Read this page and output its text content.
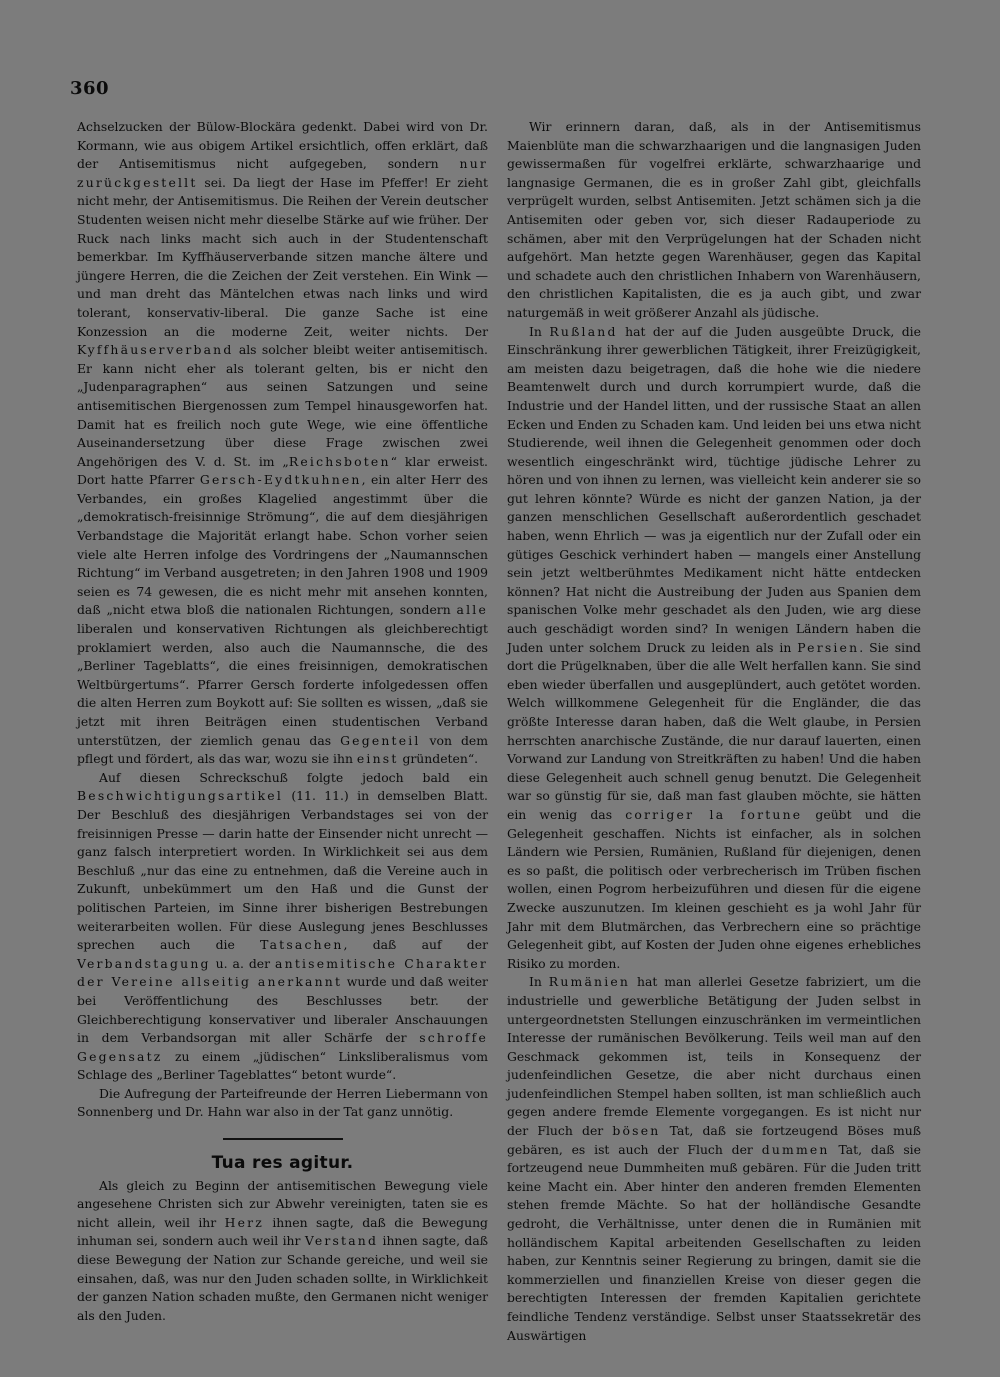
360

Achselzucken der Bülow-Blockära gedenkt. Dabei wird von Dr. Kormann, wie aus obigem Artikel ersichtlich, offen erklärt, daß der Antisemitismus nicht aufgegeben, sondern nur zurückgestellt sei. Da liegt der Hase im Pfeffer! Er zieht nicht mehr, der Antisemitismus. Die Reihen der Verein deutscher Studenten weisen nicht mehr dieselbe Stärke auf wie früher. Der Ruck nach links macht sich auch in der Studentenschaft bemerkbar. Im Kyffhäuserverbande sitzen manche ältere und jüngere Herren, die die Zeichen der Zeit verstehen. Ein Wink — und man dreht das Mäntelchen etwas nach links und wird tolerant, konservativ-liberal. Die ganze Sache ist eine Konzession an die moderne Zeit, weiter nichts. Der Kyffhäuserverband als solcher bleibt weiter antisemitisch. Er kann nicht eher als tolerant gelten, bis er nicht den „Judenparagraphen“ aus seinen Satzungen und seine antisemitischen Biergenossen zum Tempel hinausgeworfen hat. Damit hat es freilich noch gute Wege, wie eine öffentliche Auseinandersetzung über diese Frage zwischen zwei Angehörigen des V. d. St. im „Reichsboten“ klar erweist. Dort hatte Pfarrer Gersch-Eydtkuhnen, ein alter Herr des Verbandes, ein großes Klagelied angestimmt über die „demokratisch-freisinnige Strömung“, die auf dem diesjährigen Verbandstage die Majorität erlangt habe. Schon vorher seien viele alte Herren infolge des Vordringens der „Naumannschen Richtung“ im Verband ausgetreten; in den Jahren 1908 und 1909 seien es 74 gewesen, die es nicht mehr mit ansehen konnten, daß „nicht etwa bloß die nationalen Richtungen, sondern alle liberalen und konservativen Richtungen als gleichberechtigt proklamiert werden, also auch die Naumannsche, die des „Berliner Tageblatts“, die eines freisinnigen, demokratischen Weltbürgertums“. Pfarrer Gersch forderte infolgedessen offen die alten Herren zum Boykott auf: Sie sollten es wissen, „daß sie jetzt mit ihren Beiträgen einen studentischen Verband unterstützen, der ziemlich genau das Gegenteil von dem pflegt und fördert, als das war, wozu sie ihn einst gründeten“.

Auf diesen Schreckschuß folgte jedoch bald ein Beschwichtigungsartikel (11. 11.) in demselben Blatt. Der Beschluß des diesjährigen Verbandstages sei von der freisinnigen Presse — darin hatte der Einsender nicht unrecht — ganz falsch interpretiert worden. In Wirklichkeit sei aus dem Beschluß „nur das eine zu entnehmen, daß die Vereine auch in Zukunft, unbekümmert um den Haß und die Gunst der politischen Parteien, im Sinne ihrer bisherigen Bestrebungen weiterarbeiten wollen. Für diese Auslegung jenes Beschlusses sprechen auch die Tatsachen, daß auf der Verbandstagung u. a. der antisemitische Charakter der Vereine allseitig anerkannt wurde und daß weiter bei Veröffentlichung des Beschlusses betr. der Gleichberechtigung konservativer und liberaler Anschauungen in dem Verbandsorgan mit aller Schärfe der schroffe Gegensatz zu einem „jüdischen“ Linksliberalismus vom Schlage des „Berliner Tageblattes“ betont wurde“.

Die Aufregung der Parteifreunde der Herren Liebermann von Sonnenberg und Dr. Hahn war also in der Tat ganz unnötig.

Tua res agitur.

Als gleich zu Beginn der antisemitischen Bewegung viele angesehene Christen sich zur Abwehr vereinigten, taten sie es nicht allein, weil ihr Herz ihnen sagte, daß die Bewegung inhuman sei, sondern auch weil ihr Verstand ihnen sagte, daß diese Bewegung der Nation zur Schande gereiche, und weil sie einsahen, daß, was nur den Juden schaden sollte, in Wirklichkeit der ganzen Nation schaden mußte, den Germanen nicht weniger als den Juden.

Wir erinnern daran, daß, als in der Antisemitismus Maienblüte man die schwarzhaarigen und die langnasigen Juden gewissermaßen für vogelfrei erklärte, schwarzhaarige und langnasige Germanen, die es in großer Zahl gibt, gleichfalls verprügelt wurden, selbst Antisemiten. Jetzt schämen sich ja die Antisemiten oder geben vor, sich dieser Radauperiode zu schämen, aber mit den Verprügelungen hat der Schaden nicht aufgehört. Man hetzte gegen Warenhäuser, gegen das Kapital und schadete auch den christlichen Inhabern von Warenhäusern, den christlichen Kapitalisten, die es ja auch gibt, und zwar naturgemäß in weit größerer Anzahl als jüdische.

In Rußland hat der auf die Juden ausgeübte Druck, die Einschränkung ihrer gewerblichen Tätigkeit, ihrer Freizügigkeit, am meisten dazu beigetragen, daß die hohe wie die niedere Beamtenwelt durch und durch korrumpiert wurde, daß die Industrie und der Handel litten, und der russische Staat an allen Ecken und Enden zu Schaden kam. Und leiden bei uns etwa nicht Studierende, weil ihnen die Gelegenheit genommen oder doch wesentlich eingeschränkt wird, tüchtige jüdische Lehrer zu hören und von ihnen zu lernen, was vielleicht kein anderer sie so gut lehren könnte? Würde es nicht der ganzen Nation, ja der ganzen menschlichen Gesellschaft außerordentlich geschadet haben, wenn Ehrlich — was ja eigentlich nur der Zufall oder ein gütiges Geschick verhindert haben — mangels einer Anstellung sein jetzt weltberühmtes Medikament nicht hätte entdecken können? Hat nicht die Austreibung der Juden aus Spanien dem spanischen Volke mehr geschadet als den Juden, wie arg diese auch geschädigt worden sind? In wenigen Ländern haben die Juden unter solchem Druck zu leiden als in Persien. Sie sind dort die Prügelknaben, über die alle Welt herfallen kann. Sie sind eben wieder überfallen und ausgeplündert, auch getötet worden. Welch willkommene Gelegenheit für die Engländer, die das größte Interesse daran haben, daß die Welt glaube, in Persien herrschten anarchische Zustände, die nur darauf lauerten, einen Vorwand zur Landung von Streitkräften zu haben! Und die haben diese Gelegenheit auch schnell genug benutzt. Die Gelegenheit war so günstig für sie, daß man fast glauben möchte, sie hätten ein wenig das corriger la fortune geübt und die Gelegenheit geschaffen. Nichts ist einfacher, als in solchen Ländern wie Persien, Rumänien, Rußland für diejenigen, denen es so paßt, die politisch oder verbrecherisch im Trüben fischen wollen, einen Pogrom herbeizuführen und diesen für die eigene Zwecke auszunutzen. Im kleinen geschieht es ja wohl Jahr für Jahr mit dem Blutmärchen, das Verbrechern eine so prächtige Gelegenheit gibt, auf Kosten der Juden ohne eigenes erhebliches Risiko zu morden.

In Rumänien hat man allerlei Gesetze fabriziert, um die industrielle und gewerbliche Betätigung der Juden selbst in untergeordnetsten Stellungen einzuschränken im vermeintlichen Interesse der rumänischen Bevölkerung. Teils weil man auf den Geschmack gekommen ist, teils in Konsequenz der judenfeindlichen Gesetze, die aber nicht durchaus einen judenfeindlichen Stempel haben sollten, ist man schließlich auch gegen andere fremde Elemente vorgegangen. Es ist nicht nur der Fluch der bösen Tat, daß sie fortzeugend Böses muß gebären, es ist auch der Fluch der dummen Tat, daß sie fortzeugend neue Dummheiten muß gebären. Für die Juden tritt keine Macht ein. Aber hinter den anderen fremden Elementen stehen fremde Mächte. So hat der holländische Gesandte gedroht, die Verhältnisse, unter denen die in Rumänien mit holländischem Kapital arbeitenden Gesellschaften zu leiden haben, zur Kenntnis seiner Regierung zu bringen, damit sie die kommerziellen und finanziellen Kreise von dieser gegen die berechtigten Interessen der fremden Kapitalien gerichtete feindliche Tendenz verständige. Selbst unser Staatssekretär des Auswärtigen
